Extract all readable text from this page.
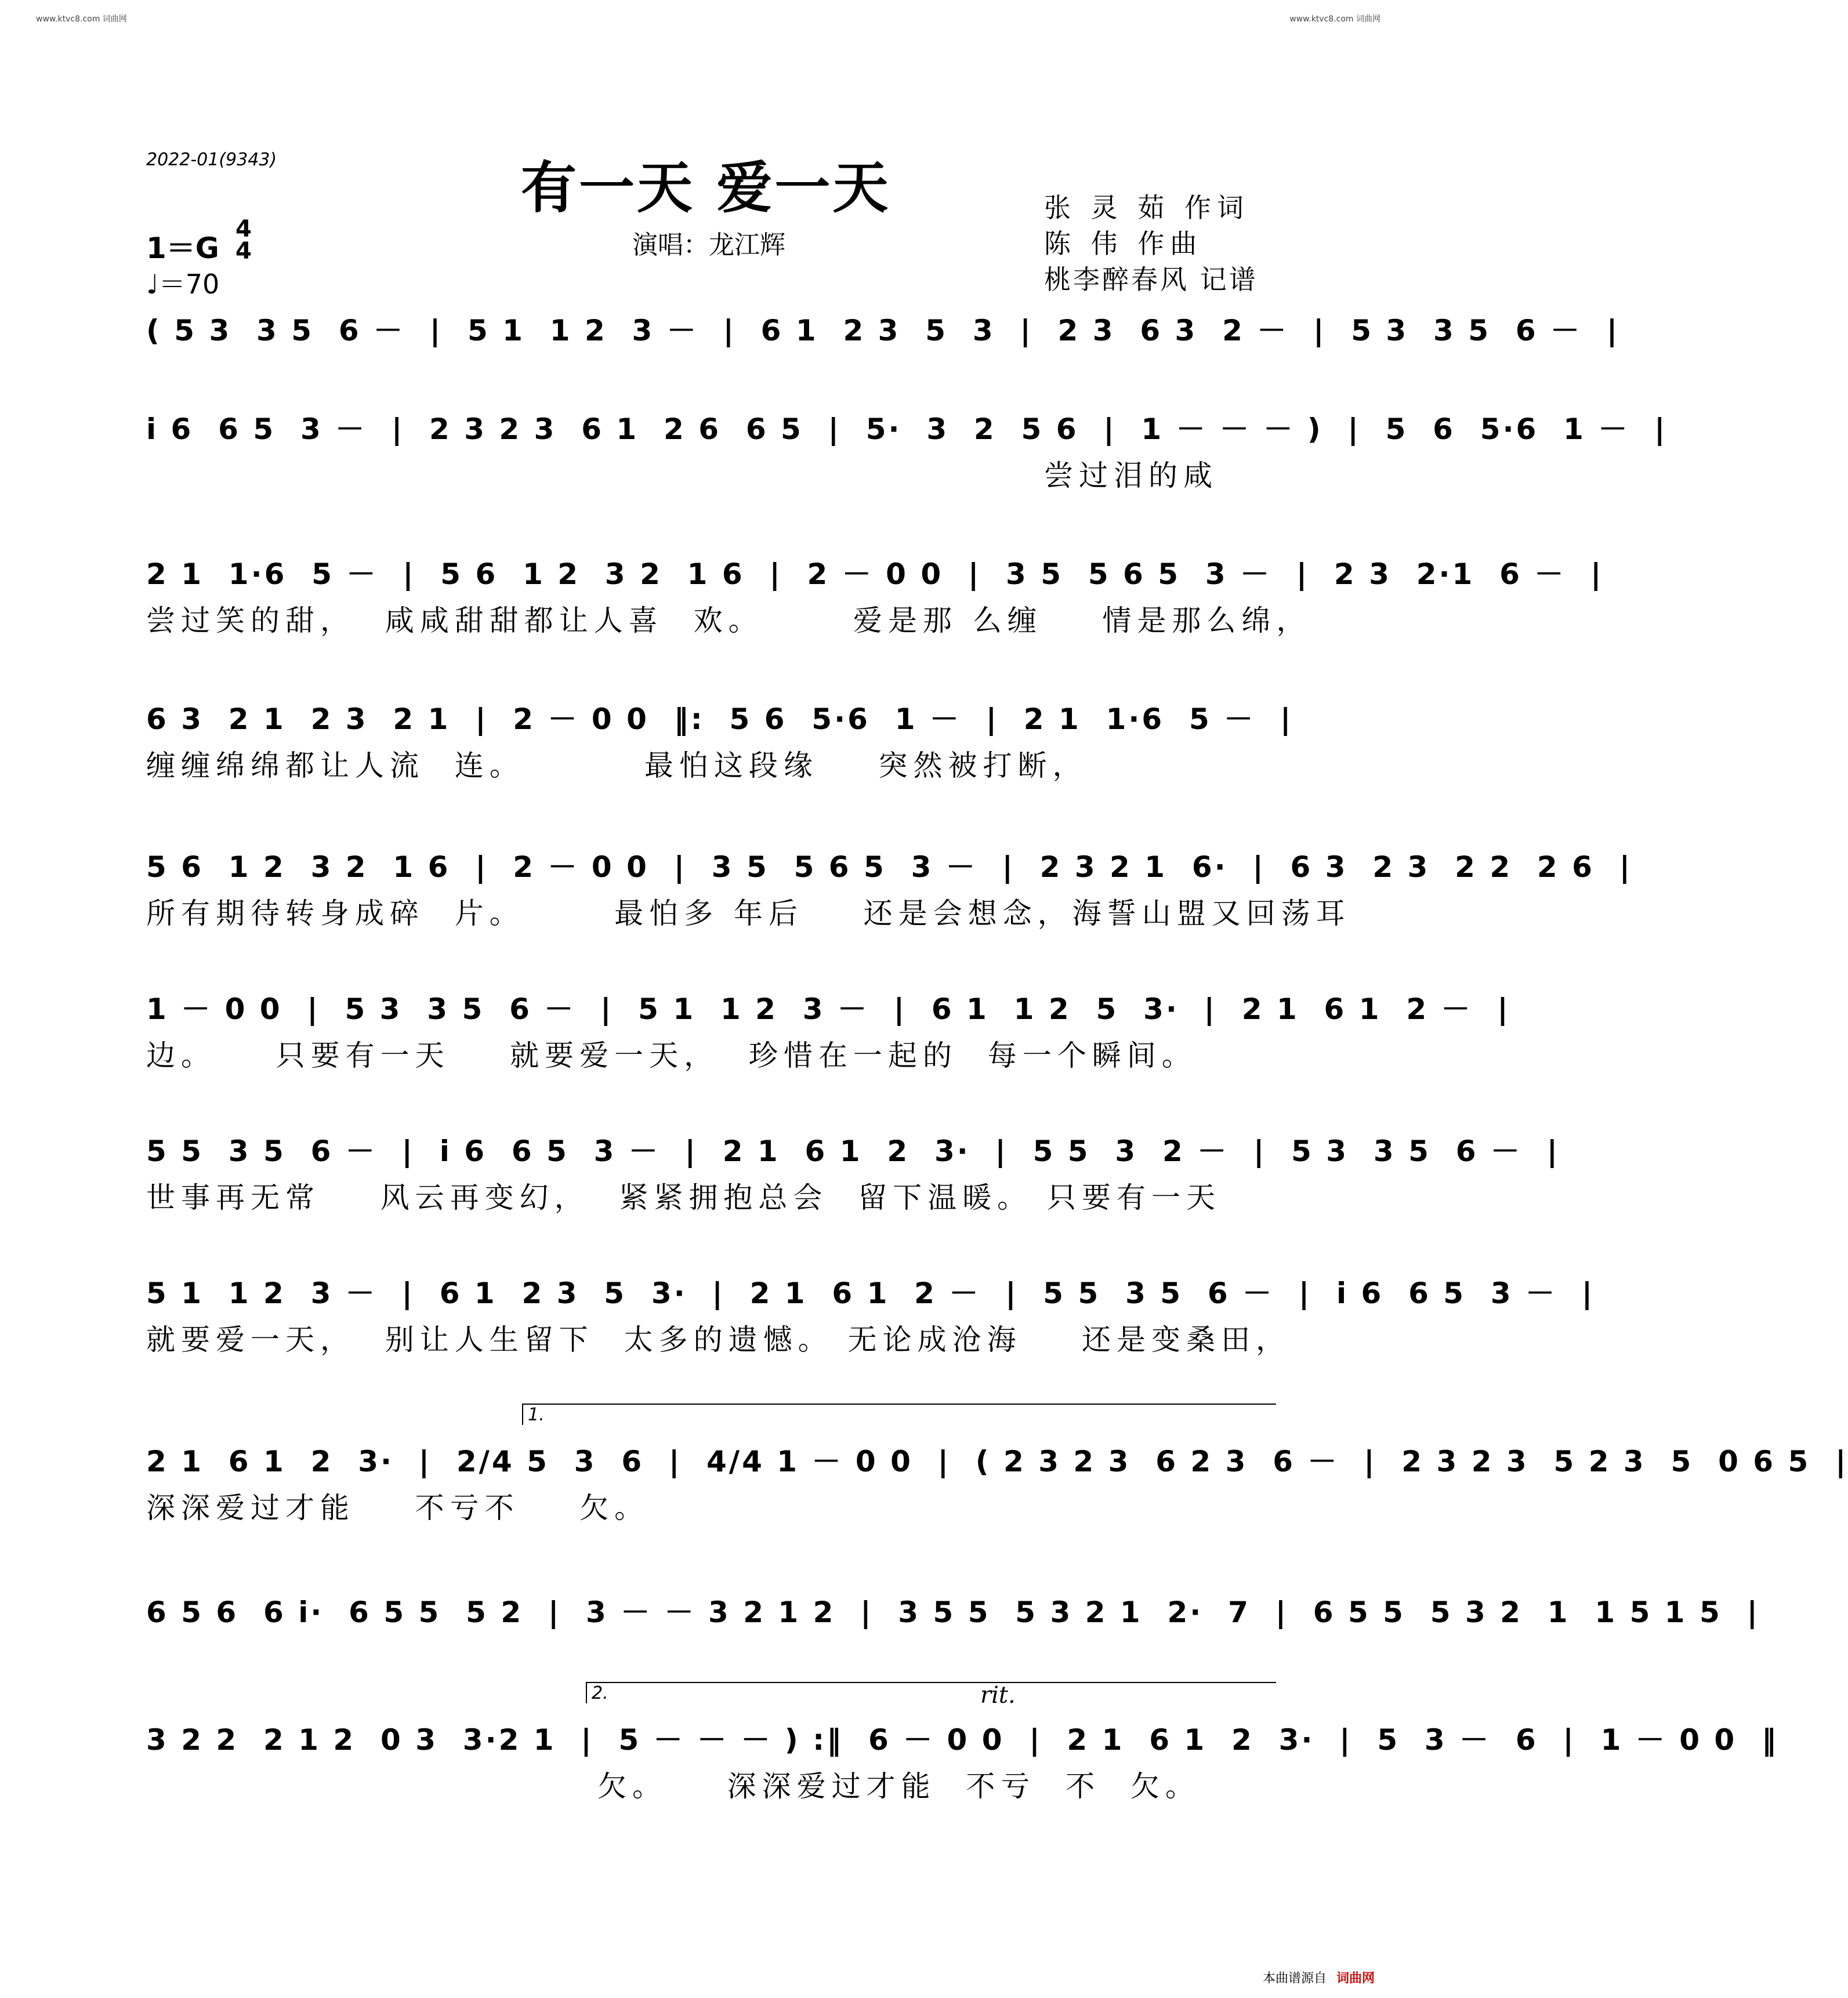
www.ktvc8.com 词曲网	www.ktvc8.com 词曲网
2022-01(9343)	有一天 爱一天
演唱：龙江辉
1＝G
4
4
♩＝70
张 灵 茹 作词
陈 伟 作曲
桃李醉春风 记谱
( 5 3  3 5  6 －  |  5 1  1 2  3 －  |  6 1  2 3  5  3  |  2 3  6 3  2 －  |  5 3  3 5  6 －  |
i 6  6 5  3 －  |  2 3 2 3  6 1  2 6  6 5  |  5·  3  2  5 6  |  1 － － － )  |  5  6  5·6  1 －  |
尝过泪的咸
2 1  1·6  5 －  |  5 6  1 2  3 2  1 6  |  2 － 0 0  |  3 5  5 6 5  3 －  |  2 3  2·1  6 －  |
尝过笑的甜，  咸咸甜甜都让人喜  欢。      爱是那 么缠    情是那么绵，
6 3  2 1  2 3  2 1  |  2 － 0 0  ‖:  5 6  5·6  1 －  |  2 1  1·6  5 －  |
缠缠绵绵都让人流  连。        最怕这段缘    突然被打断，
5 6  1 2  3 2  1 6  |  2 － 0 0  |  3 5  5 6 5  3 －  |  2 3 2 1  6·  |  6 3  2 3  2 2  2 6  |
所有期待转身成碎  片。      最怕多 年后    还是会想念，海誓山盟又回荡耳
1 － 0 0  |  5 3  3 5  6 －  |  5 1  1 2  3 －  |  6 1  1 2  5  3·  |  2 1  6 1  2 －  |
边。    只要有一天    就要爱一天，  珍惜在一起的  每一个瞬间。
5 5  3 5  6 －  |  i 6  6 5  3 －  |  2 1  6 1  2  3·  |  5 5  3  2 －  |  5 3  3 5  6 －  |
世事再无常    风云再变幻，  紧紧拥抱总会  留下温暖。 只要有一天
5 1  1 2  3 －  |  6 1  2 3  5  3·  |  2 1  6 1  2 －  |  5 5  3 5  6 －  |  i 6  6 5  3 －  |
就要爱一天，  别让人生留下  太多的遗憾。 无论成沧海    还是变桑田，
2 1  6 1  2  3·  |  2/4 5  3  6  |  4/4 1 － 0 0  |  ( 2 3 2 3  6 2 3  6 －  |  2 3 2 3  5 2 3  5  0 6 5  |
深深爱过才能    不亏不    欠。
1.
6 5 6  6 i·  6 5 5  5 2  |  3 － － 3 2 1 2  |  3 5 5  5 3 2 1  2·  7  |  6 5 5  5 3 2  1  1 5 1 5  |
3 2 2  2 1 2  0 3  3·2 1  |  5 － － － ) :‖  6 － 0 0  |  2 1  6 1  2  3·  |  5  3 －  6  |  1 － 0 0  ‖
欠。    深深爱过才能  不亏  不  欠。
2.	rit.
本曲谱源自 词曲网
